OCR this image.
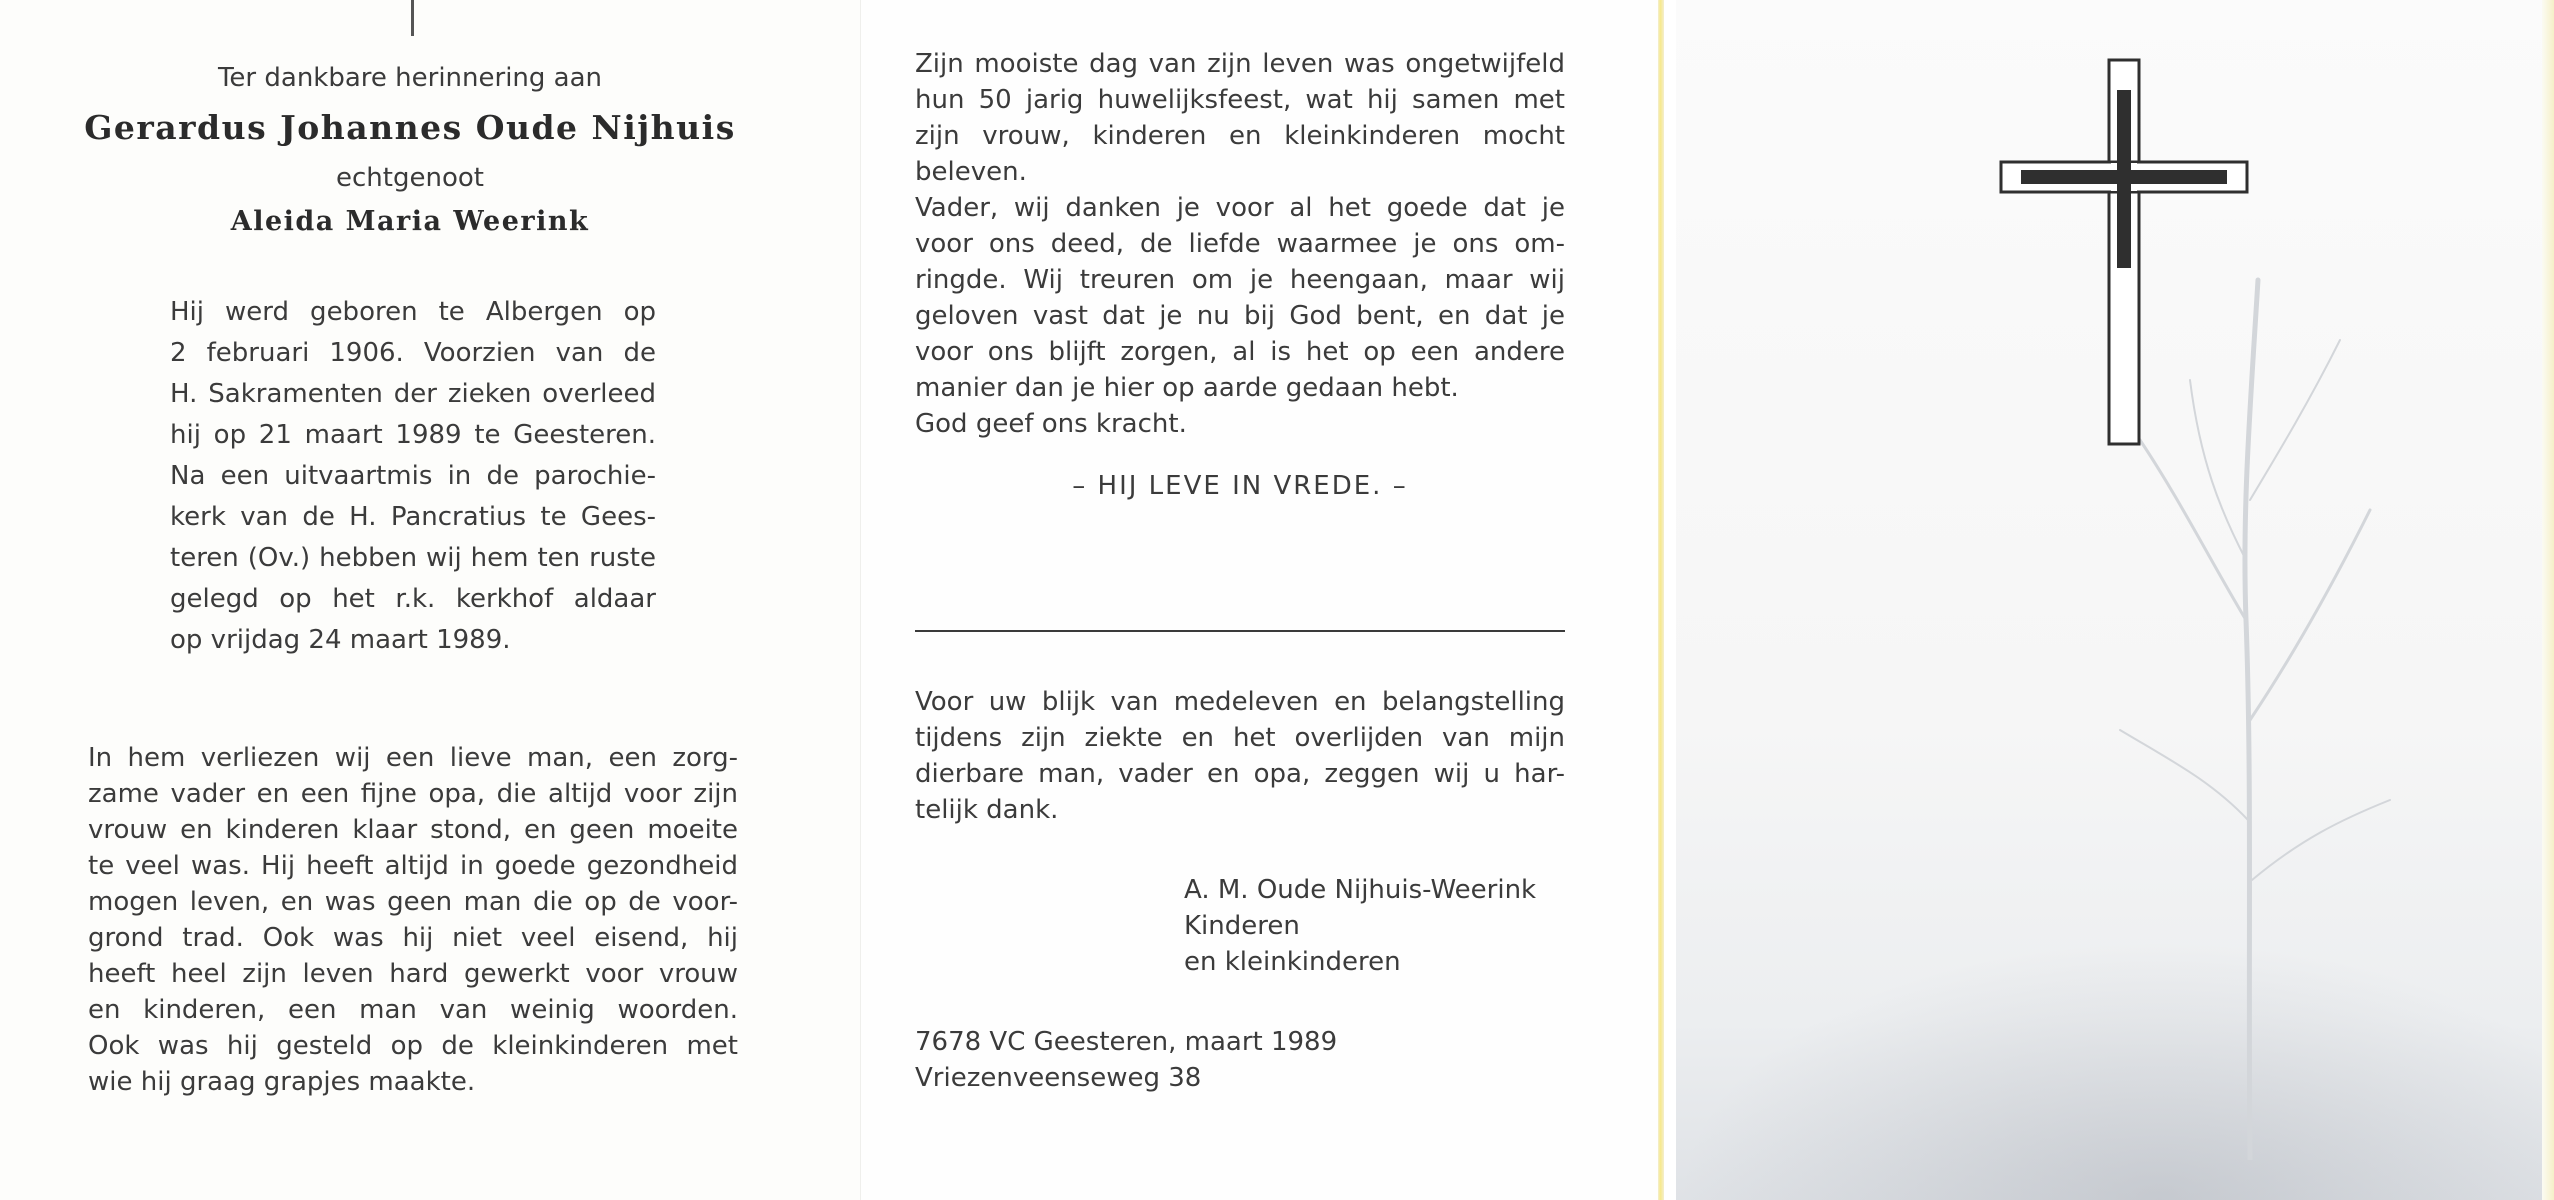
Ter dankbare herinnering aan

Gerardus Johannes Oude Nijhuis

echtgenoot

Aleida Maria Weerink

Hij werd geboren te Albergen op

2 februari 1906. Voorzien van de

H. Sakramenten der zieken overleed

hij op 21 maart 1989 te Geesteren.

Na een uitvaartmis in de parochie-

kerk van de H. Pancratius te Gees-

teren (Ov.) hebben wij hem ten ruste

gelegd op het r.k. kerkhof aldaar

op vrijdag 24 maart 1989.

In hem verliezen wij een lieve man, een zorg-

zame vader en een fijne opa, die altijd voor zijn

vrouw en kinderen klaar stond, en geen moeite

te veel was. Hij heeft altijd in goede gezondheid

mogen leven, en was geen man die op de voor-

grond trad. Ook was hij niet veel eisend, hij

heeft heel zijn leven hard gewerkt voor vrouw

en kinderen, een man van weinig woorden.

Ook was hij gesteld op de kleinkinderen met

wie hij graag grapjes maakte.

Zijn mooiste dag van zijn leven was ongetwijfeld

hun 50 jarig huwelijksfeest, wat hij samen met

zijn vrouw, kinderen en kleinkinderen mocht

beleven.

Vader, wij danken je voor al het goede dat je

voor ons deed, de liefde waarmee je ons om-

ringde. Wij treuren om je heengaan, maar wij

geloven vast dat je nu bij God bent, en dat je

voor ons blijft zorgen, al is het op een andere

manier dan je hier op aarde gedaan hebt.

God geef ons kracht.

– HIJ LEVE IN VREDE. –

Voor uw blijk van medeleven en belangstelling

tijdens zijn ziekte en het overlijden van mijn

dierbare man, vader en opa, zeggen wij u har-

telijk dank.

A. M. Oude Nijhuis-Weerink

Kinderen

en kleinkinderen

7678 VC Geesteren, maart 1989

Vriezenveenseweg 38
